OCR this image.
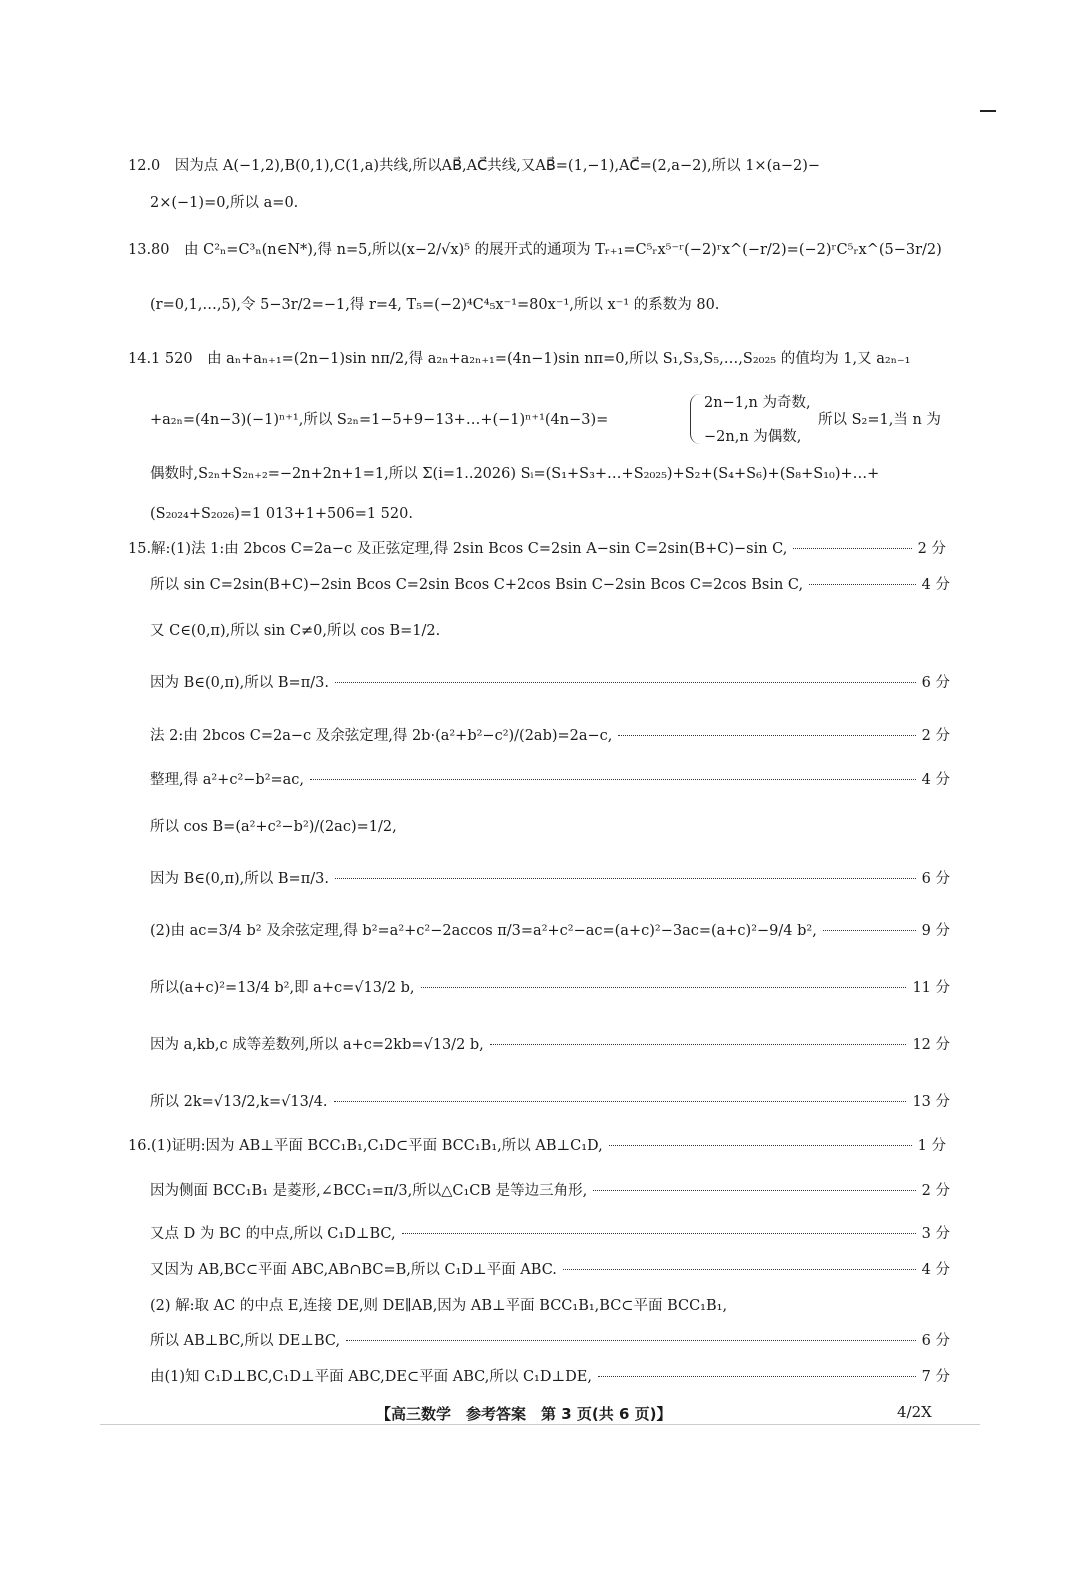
12.0　因为点 A(−1,2),B(0,1),C(1,a)共线,所以AB⃗,AC⃗共线,又AB⃗=(1,−1),AC⃗=(2,a−2),所以 1×(a−2)−
2×(−1)=0,所以 a=0.
13.80　由 C²ₙ=C³ₙ(n∈N*),得 n=5,所以(x−2/√x)⁵ 的展开式的通项为 Tᵣ₊₁=C⁵ᵣx⁵⁻ʳ(−2)ʳx^(−r/2)=(−2)ʳC⁵ᵣx^(5−3r/2)
(r=0,1,…,5),令 5−3r/2=−1,得 r=4, T₅=(−2)⁴C⁴₅x⁻¹=80x⁻¹,所以 x⁻¹ 的系数为 80.
14.1 520　由 aₙ+aₙ₊₁=(2n−1)sin nπ/2,得 a₂ₙ+a₂ₙ₊₁=(4n−1)sin nπ=0,所以 S₁,S₃,S₅,…,S₂₀₂₅ 的值均为 1,又 a₂ₙ₋₁
+a₂ₙ=(4n−3)(−1)ⁿ⁺¹,所以 S₂ₙ=1−5+9−13+…+(−1)ⁿ⁺¹(4n−3)=
2n−1,n 为奇数,
−2n,n 为偶数,
所以 S₂=1,当 n 为
偶数时,S₂ₙ+S₂ₙ₊₂=−2n+2n+1=1,所以 Σ(i=1..2026) Sᵢ=(S₁+S₃+…+S₂₀₂₅)+S₂+(S₄+S₆)+(S₈+S₁₀)+…+
(S₂₀₂₄+S₂₀₂₆)=1 013+1+506=1 520.
15.解:(1)法 1:由 2bcos C=2a−c 及正弦定理,得 2sin Bcos C=2sin A−sin C=2sin(B+C)−sin C,	2 分
所以 sin C=2sin(B+C)−2sin Bcos C=2sin Bcos C+2cos Bsin C−2sin Bcos C=2cos Bsin C,	4 分
又 C∈(0,π),所以 sin C≠0,所以 cos B=1/2.
因为 B∈(0,π),所以 B=π/3.	6 分
法 2:由 2bcos C=2a−c 及余弦定理,得 2b·(a²+b²−c²)/(2ab)=2a−c,	2 分
整理,得 a²+c²−b²=ac,	4 分
所以 cos B=(a²+c²−b²)/(2ac)=1/2,
因为 B∈(0,π),所以 B=π/3.	6 分
(2)由 ac=3/4 b² 及余弦定理,得 b²=a²+c²−2accos π/3=a²+c²−ac=(a+c)²−3ac=(a+c)²−9/4 b²,	9 分
所以(a+c)²=13/4 b²,即 a+c=√13/2 b,	11 分
因为 a,kb,c 成等差数列,所以 a+c=2kb=√13/2 b,	12 分
所以 2k=√13/2,k=√13/4.	13 分
16.(1)证明:因为 AB⊥平面 BCC₁B₁,C₁D⊂平面 BCC₁B₁,所以 AB⊥C₁D,	1 分
因为侧面 BCC₁B₁ 是菱形,∠BCC₁=π/3,所以△C₁CB 是等边三角形,	2 分
又点 D 为 BC 的中点,所以 C₁D⊥BC,	3 分
又因为 AB,BC⊂平面 ABC,AB∩BC=B,所以 C₁D⊥平面 ABC.	4 分
(2) 解:取 AC 的中点 E,连接 DE,则 DE∥AB,因为 AB⊥平面 BCC₁B₁,BC⊂平面 BCC₁B₁,
所以 AB⊥BC,所以 DE⊥BC,	6 分
由(1)知 C₁D⊥BC,C₁D⊥平面 ABC,DE⊂平面 ABC,所以 C₁D⊥DE,	7 分
【高三数学　参考答案　第 3 页(共 6 页)】	4/2X
